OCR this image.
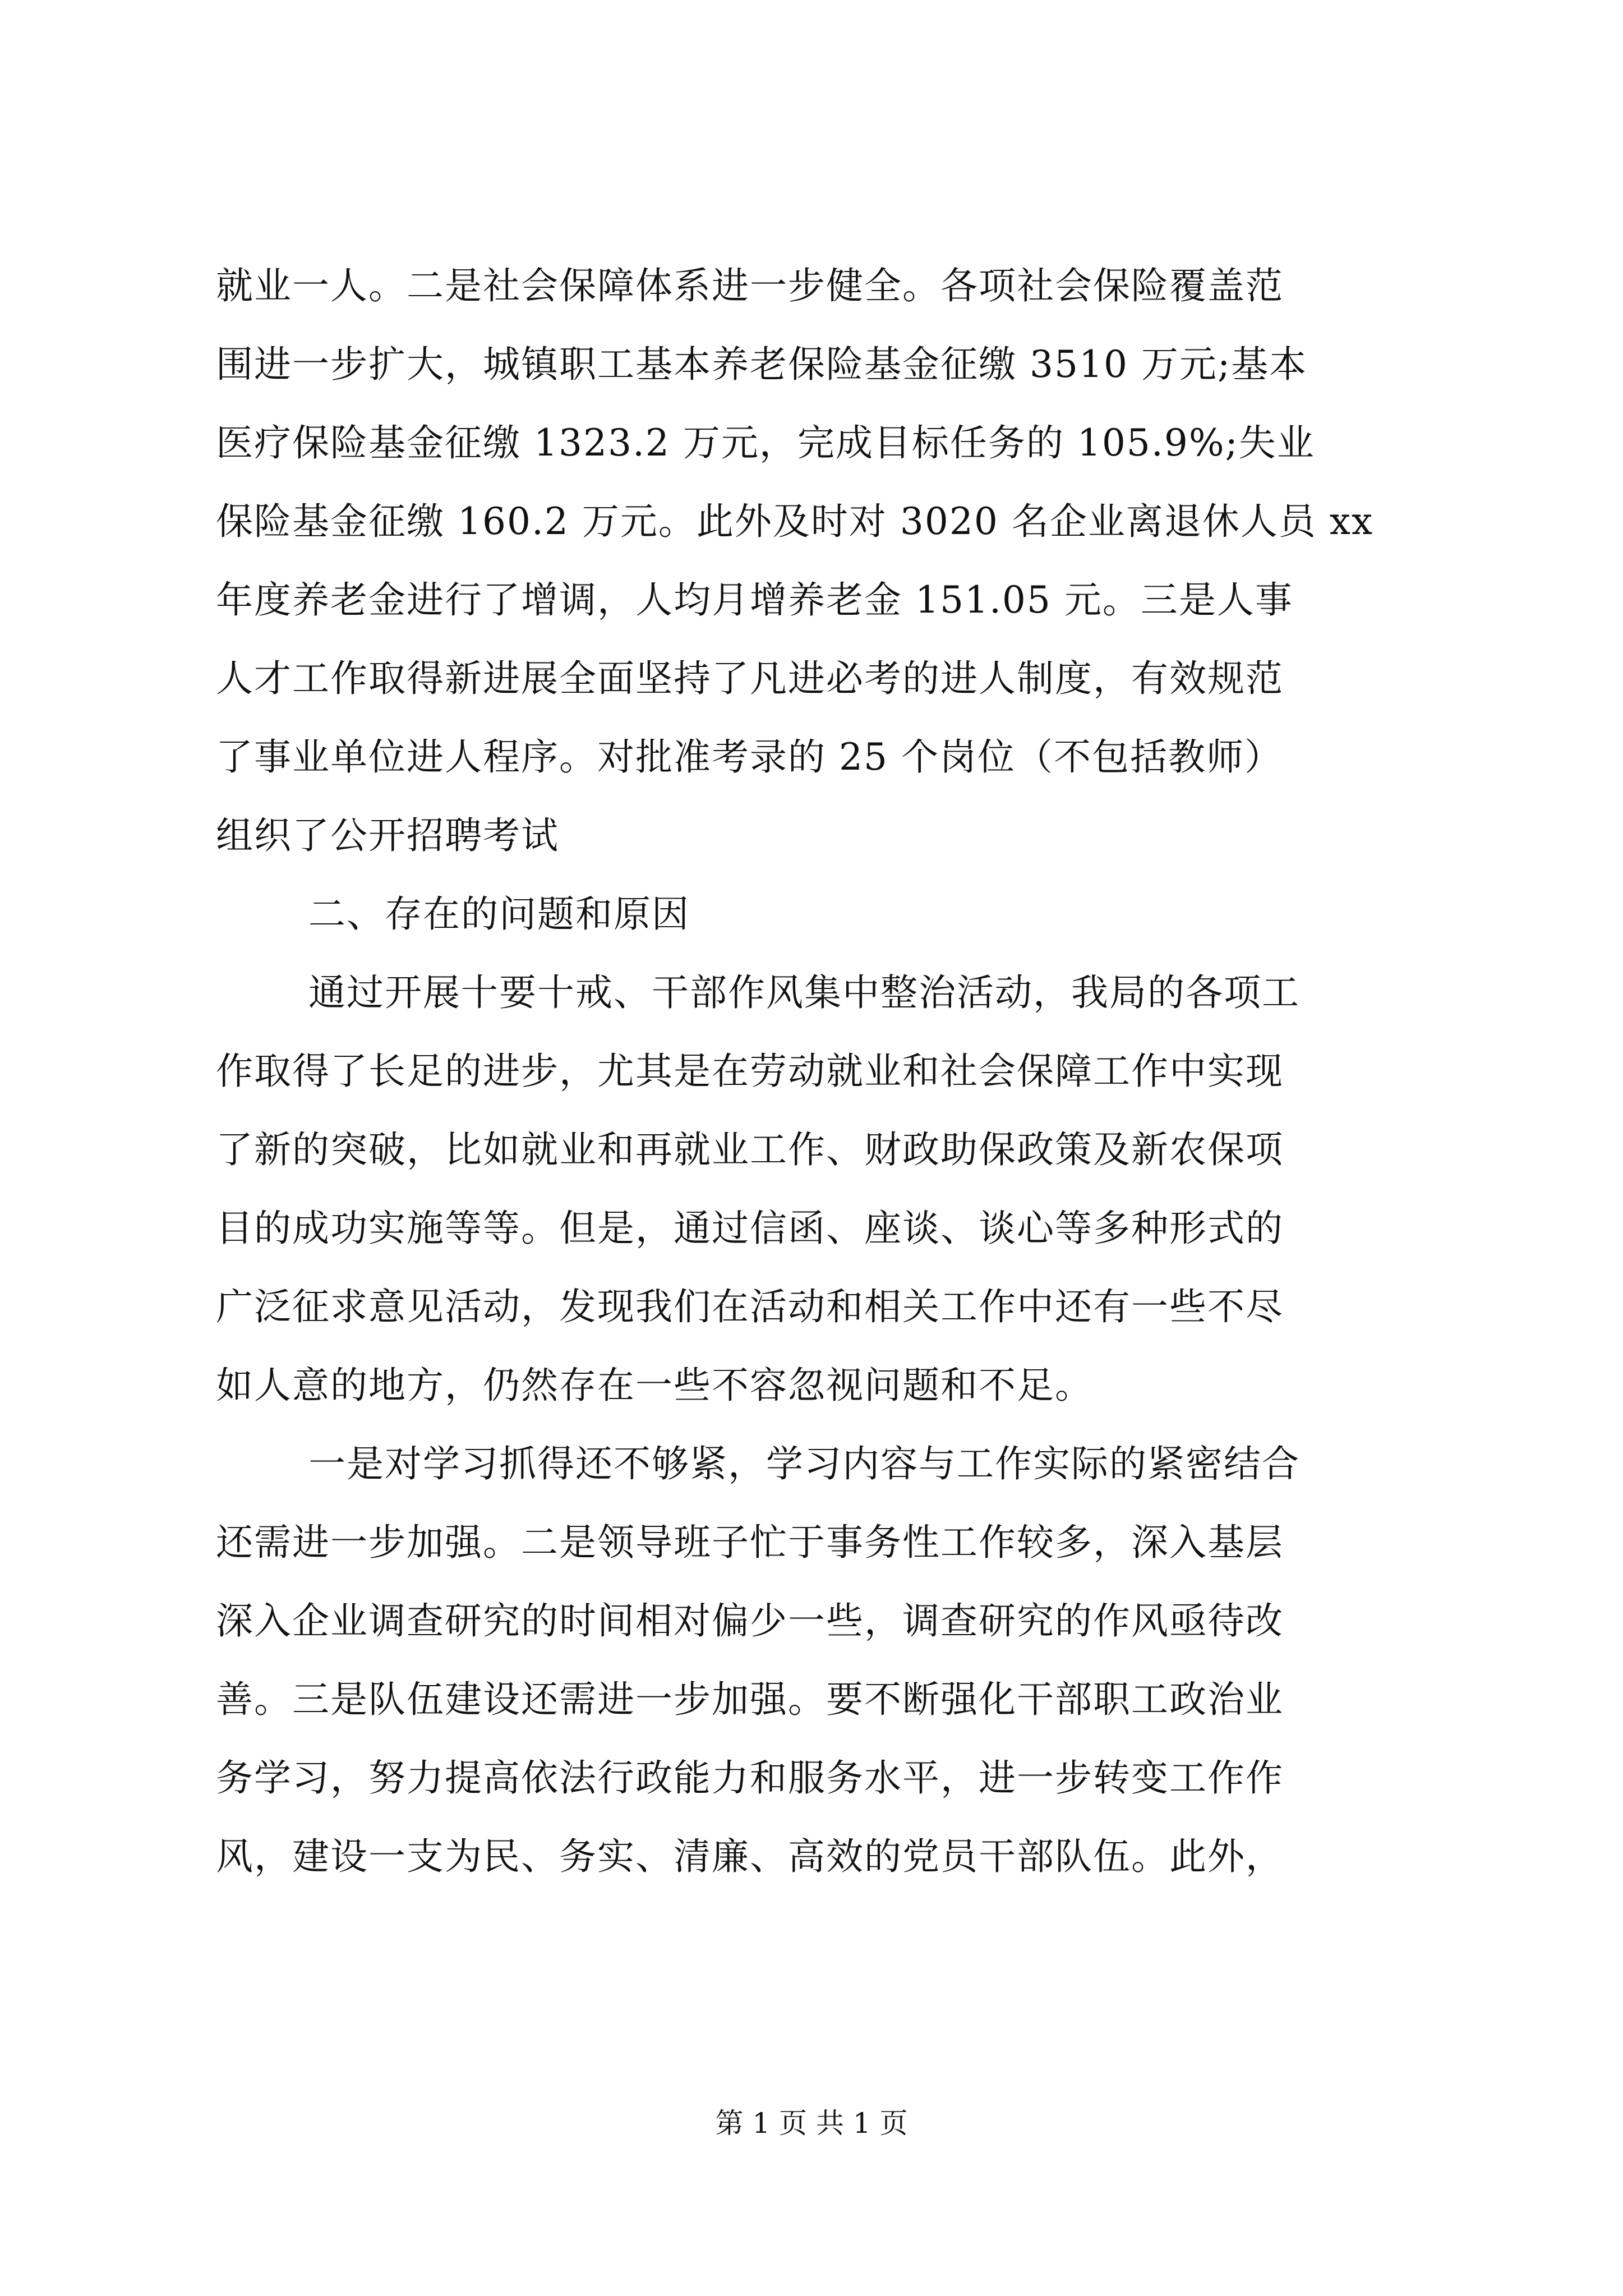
就业一人。二是社会保障体系进一步健全。各项社会保险覆盖范
围进一步扩大，城镇职工基本养老保险基金征缴 3510 万元;基本
医疗保险基金征缴 1323.2 万元，完成目标任务的 105.9%;失业
保险基金征缴 160.2 万元。此外及时对 3020 名企业离退休人员 xx
年度养老金进行了增调，人均月增养老金 151.05 元。三是人事
人才工作取得新进展全面坚持了凡进必考的进人制度，有效规范
了事业单位进人程序。对批准考录的 25 个岗位（不包括教师）
组织了公开招聘考试
二、存在的问题和原因
通过开展十要十戒、干部作风集中整治活动，我局的各项工
作取得了长足的进步，尤其是在劳动就业和社会保障工作中实现
了新的突破，比如就业和再就业工作、财政助保政策及新农保项
目的成功实施等等。但是，通过信函、座谈、谈心等多种形式的
广泛征求意见活动，发现我们在活动和相关工作中还有一些不尽
如人意的地方，仍然存在一些不容忽视问题和不足。
一是对学习抓得还不够紧，学习内容与工作实际的紧密结合
还需进一步加强。二是领导班子忙于事务性工作较多，深入基层
深入企业调查研究的时间相对偏少一些，调查研究的作风亟待改
善。三是队伍建设还需进一步加强。要不断强化干部职工政治业
务学习，努力提高依法行政能力和服务水平，进一步转变工作作
风，建设一支为民、务实、清廉、高效的党员干部队伍。此外，
第 1 页 共 1 页
